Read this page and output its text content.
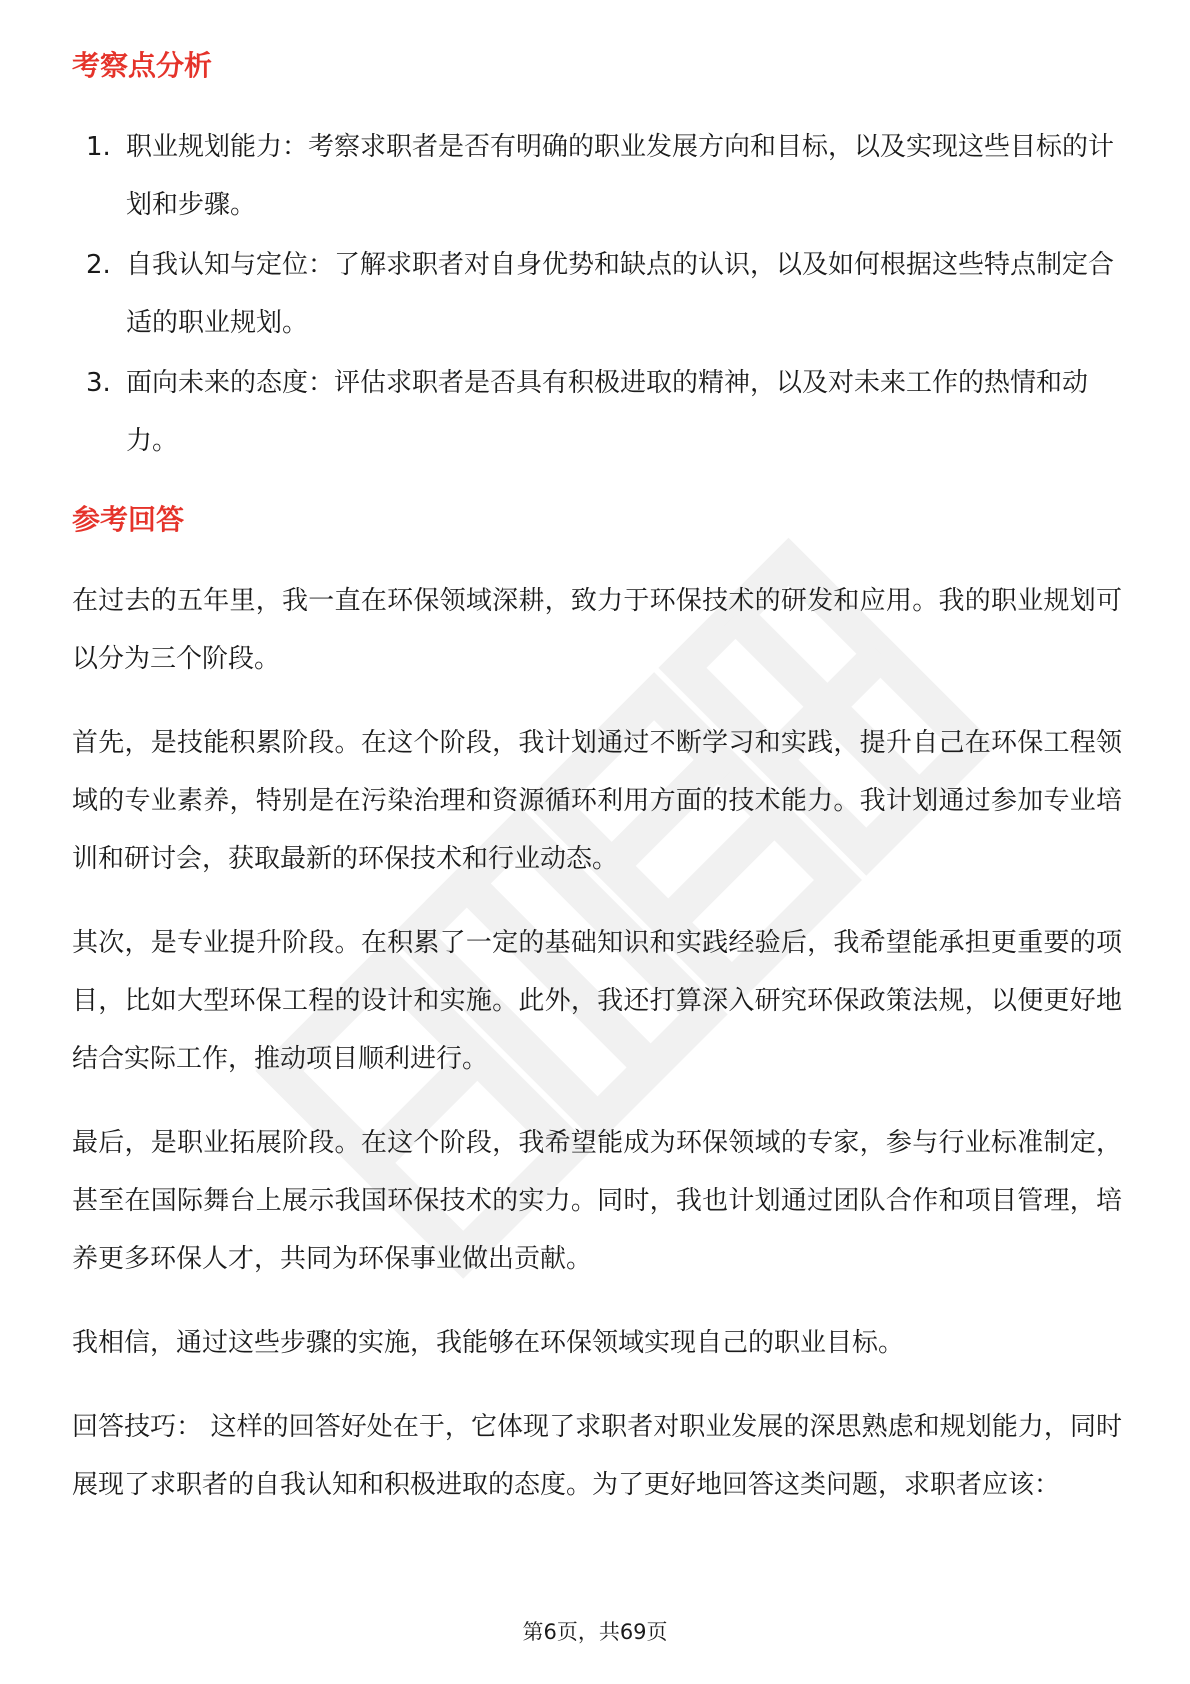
考察点分析
1. 职业规划能力：考察求职者是否有明确的职业发展方向和目标，以及实现这些目标的计划和步骤。
2. 自我认知与定位：了解求职者对自身优势和缺点的认识，以及如何根据这些特点制定合适的职业规划。
3. 面向未来的态度：评估求职者是否具有积极进取的精神，以及对未来工作的热情和动力。
参考回答

在过去的五年里，我一直在环保领域深耕，致力于环保技术的研发和应用。我的职业规划可以分为三个阶段。

首先，是技能积累阶段。在这个阶段，我计划通过不断学习和实践，提升自己在环保工程领域的专业素养，特别是在污染治理和资源循环利用方面的技术能力。我计划通过参加专业培训和研讨会，获取最新的环保技术和行业动态。

其次，是专业提升阶段。在积累了一定的基础知识和实践经验后，我希望能承担更重要的项目，比如大型环保工程的设计和实施。此外，我还打算深入研究环保政策法规，以便更好地结合实际工作，推动项目顺利进行。

最后，是职业拓展阶段。在这个阶段，我希望能成为环保领域的专家，参与行业标准制定，甚至在国际舞台上展示我国环保技术的实力。同时，我也计划通过团队合作和项目管理，培养更多环保人才，共同为环保事业做出贡献。

我相信，通过这些步骤的实施，我能够在环保领域实现自己的职业目标。

回答技巧： 这样的回答好处在于，它体现了求职者对职业发展的深思熟虑和规划能力，同时展现了求职者的自我认知和积极进取的态度。为了更好地回答这类问题，求职者应该：

第6页，共69页
